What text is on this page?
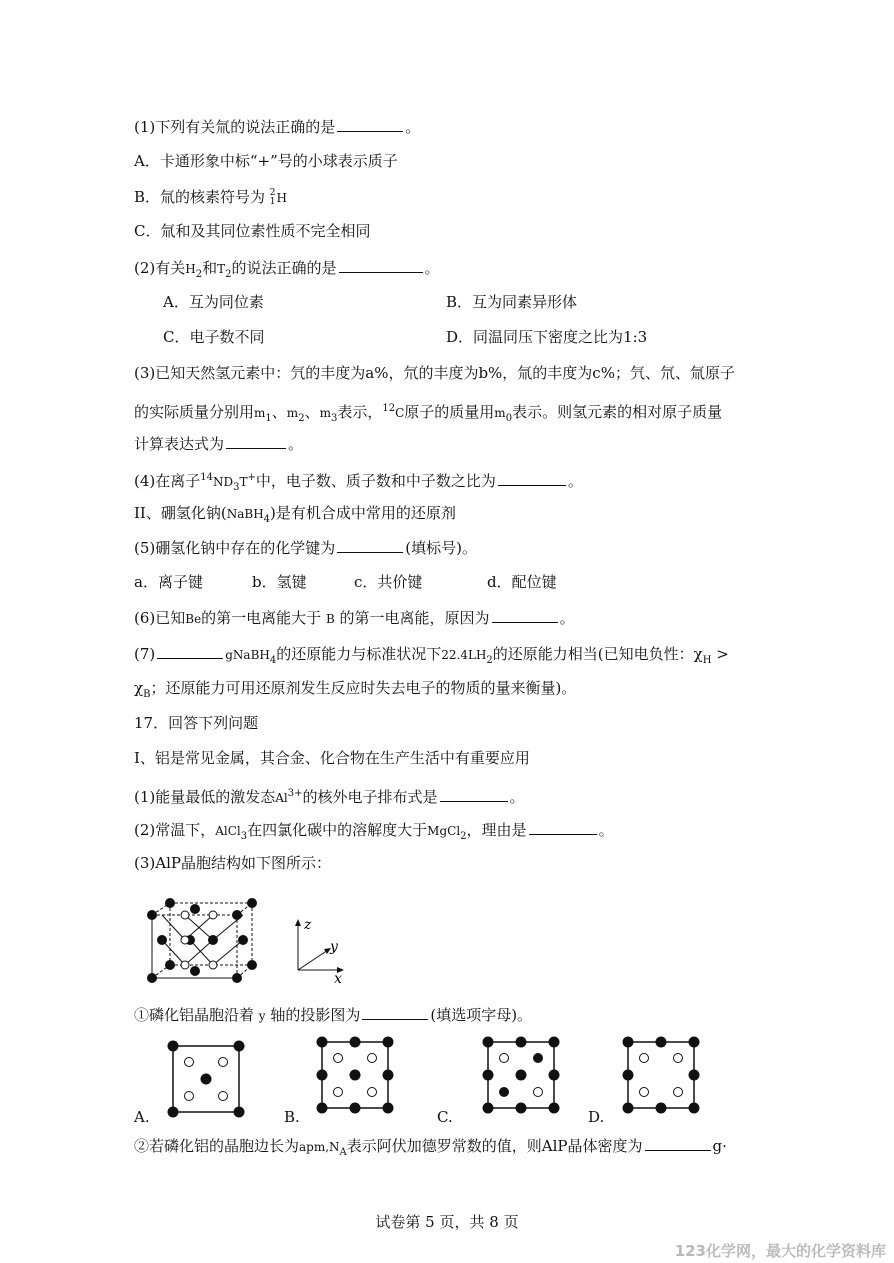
(1)下列有关氚的说法正确的是	。
A．卡通形象中标“+”号的小球表示质子
B．氚的核素符号为 2
1 H
C．氚和及其同位素性质不完全相同
(2)有关$H_2$和$T_2$的说法正确的是	。
A．互为同位素	B．互为同素异形体
C．电子数不同	D．同温同压下密度之比为1:3
(3)已知天然氢元素中：氕的丰度为a%，氘的丰度为b%，氚的丰度为c%；氕、氘、氚原子
的实际质量分别用$m_1$、$m_2$、$m_3$表示，$^{12}$C原子的质量用$m_0$表示。则氢元素的相对原子质量
计算表达式为	。
(4)在离子$^{14}ND_3T^+$中，电子数、质子数和中子数之比为	。
II、硼氢化钠(NaBH$_4$)是有机合成中常用的还原剂
(5)硼氢化钠中存在的化学键为	(填标号)。
a．离子键	b．氢键	c．共价键	d．配位键
(6)已知Be的第一电离能大于 B 的第一电离能，原因为	。
(7)	gNaBH$_4$的还原能力与标准状况下$22.4LH_2$的还原能力相当(已知电负性：$\chi_H$ >
$\chi_B$；还原能力可用还原剂发生反应时失去电子的物质的量来衡量)。
17．回答下列问题
I、铝是常见金属，其合金、化合物在生产生活中有重要应用
(1)能量最低的激发态$Al^{3+}$的核外电子排布式是	。
(2)常温下，AlCl$_3$在四氯化碳中的溶解度大于MgCl$_2$，理由是	。
(3)AlP晶胞结构如下图所示：
z
y
x
①磷化铝晶胞沿着 y 轴的投影图为	(填选项字母)。
A.	B.	C.	D.
②若磷化铝的晶胞边长为$apm,N_A$表示阿伏加德罗常数的值，则AlP晶体密度为	g·
试卷第 5 页，共 8 页
123化学网，最大的化学资料库
